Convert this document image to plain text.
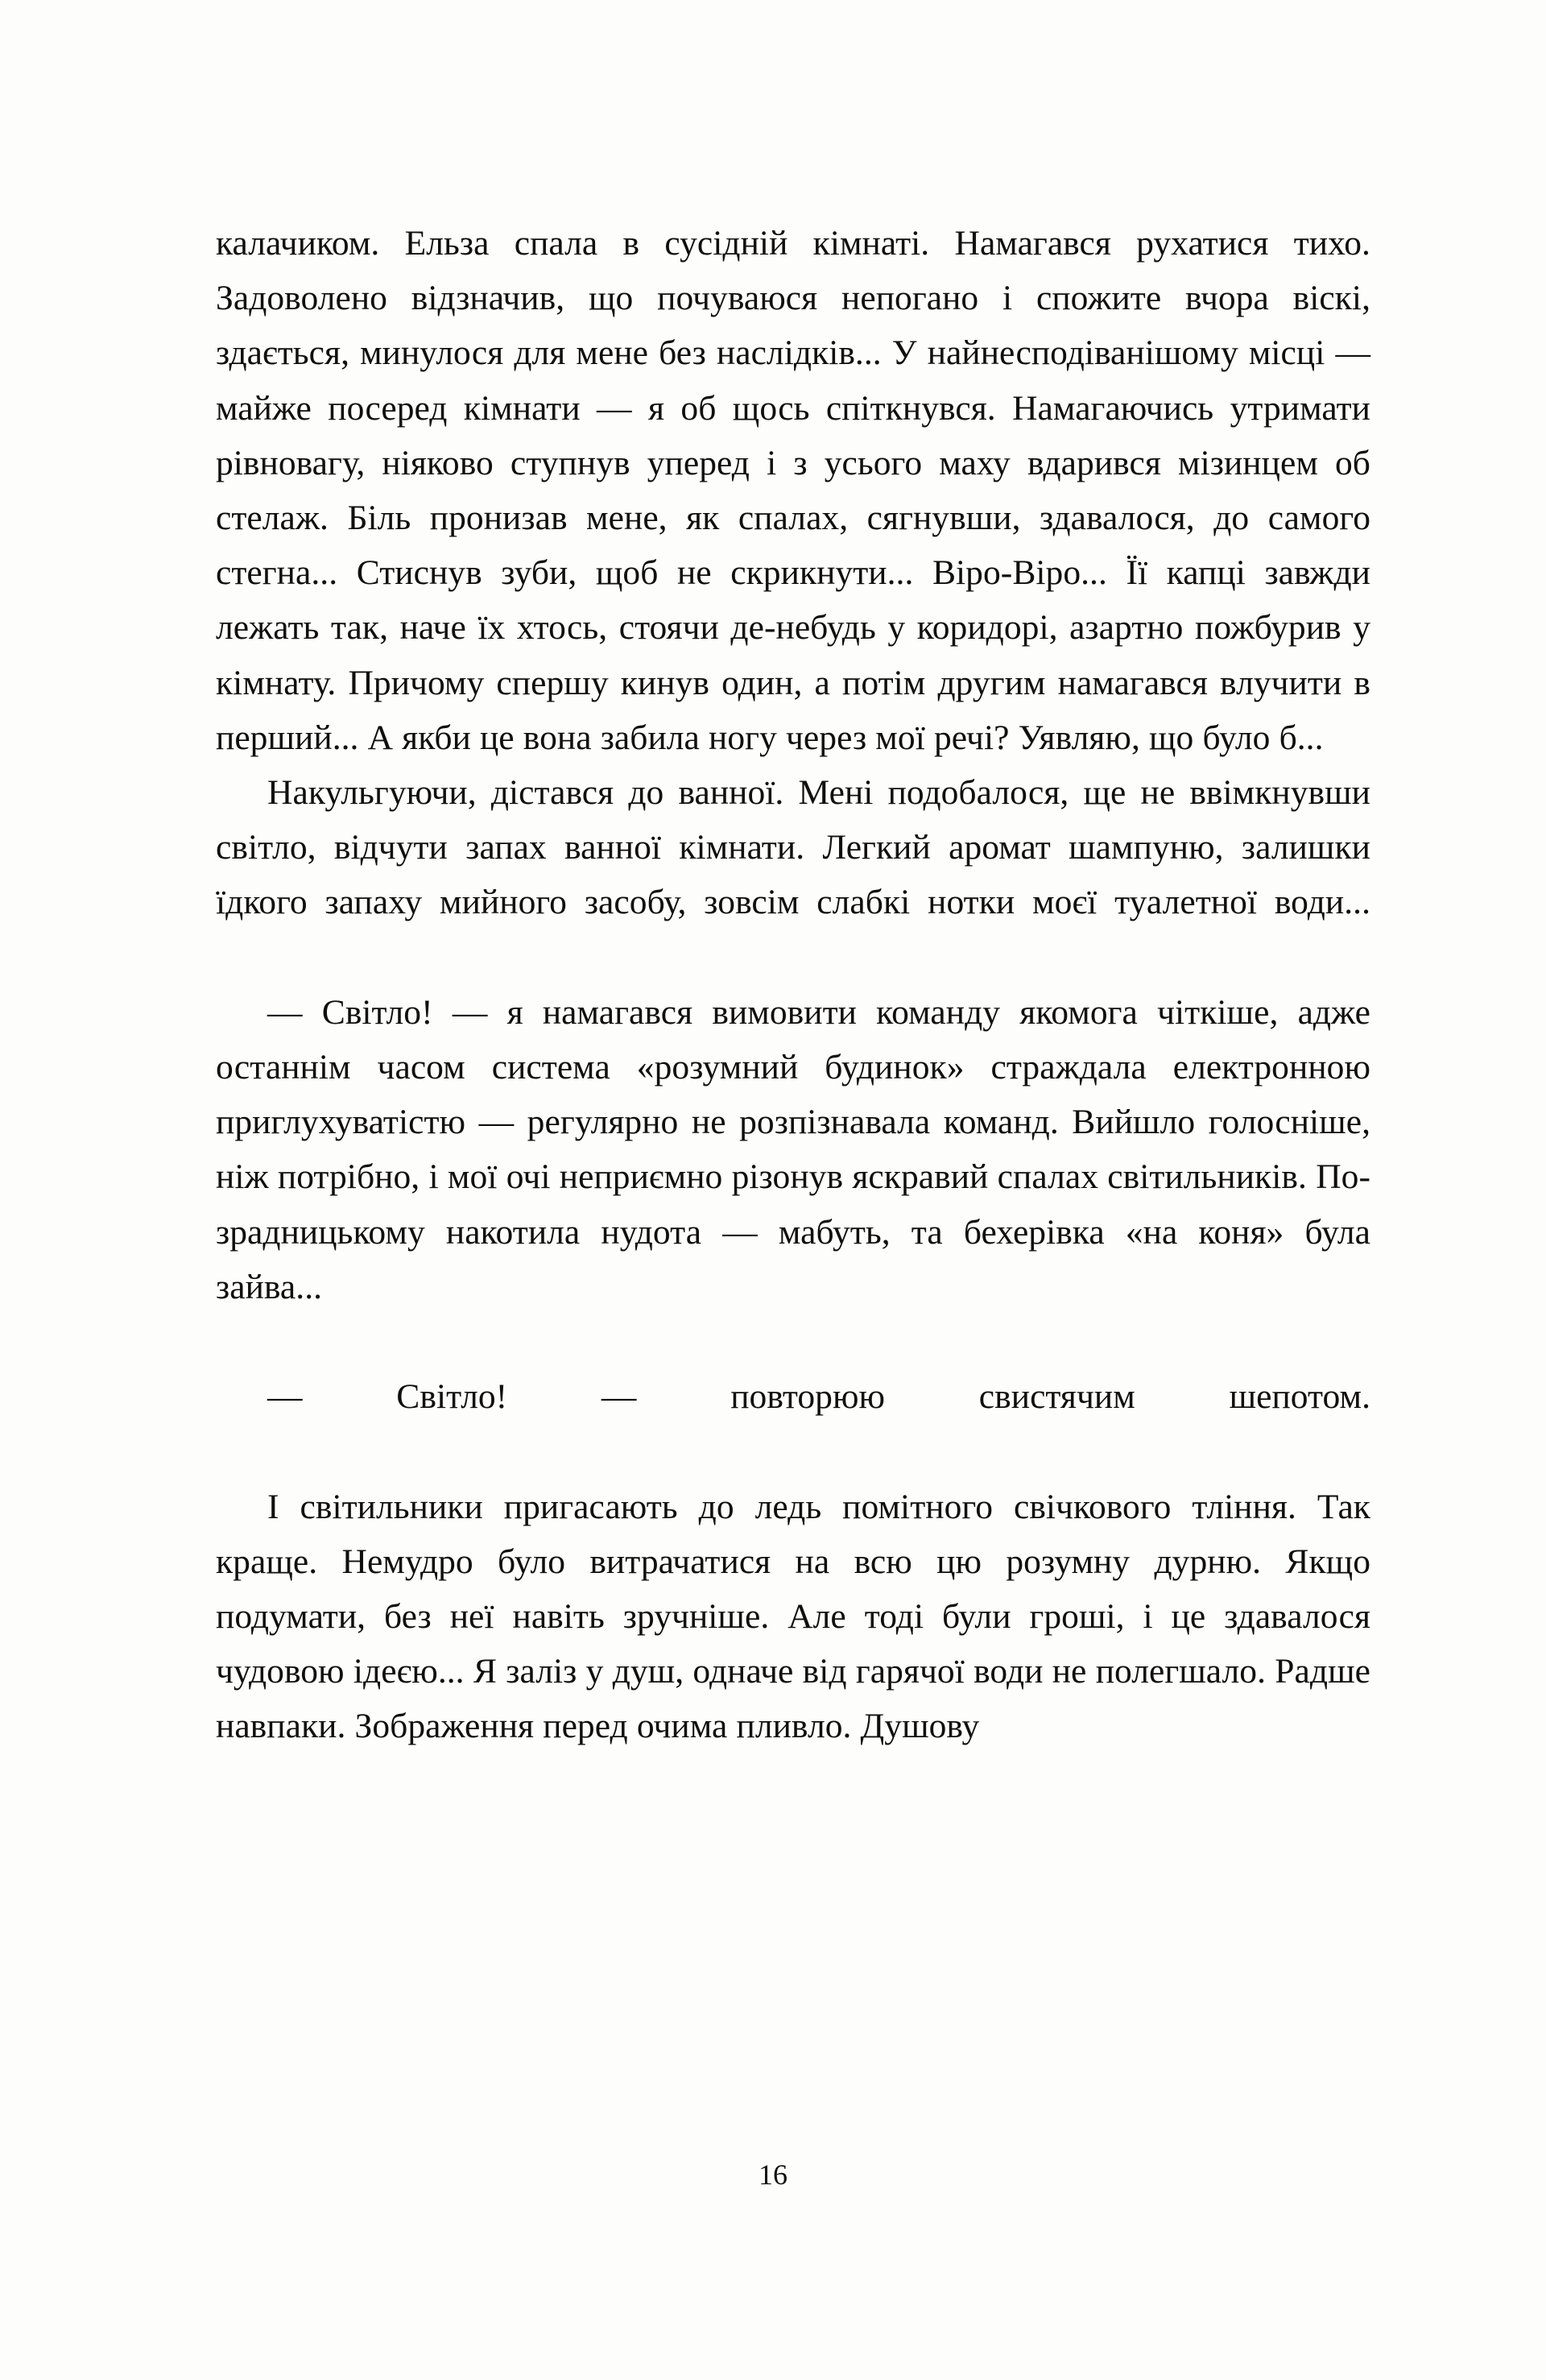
калачиком. Ельза спала в сусідній кімнаті. Намагався рухатися тихо. Задоволено відзначив, що почуваюся непогано і спожите вчора віскі, здається, минулося для мене без наслідків... У найнесподіванішому місці — майже посеред кімнати — я об щось спіткнувся. Намагаючись утримати рівновагу, ніяково ступнув уперед і з усього маху вдарився мізинцем об стелаж. Біль пронизав мене, як спалах, сягнувши, здавалося, до самого стегна... Стиснув зуби, щоб не скрикнути... Віро-Віро... Її капці завжди лежать так, наче їх хтось, стоячи де-небудь у коридорі, азартно пожбурив у кімнату. Причому спершу кинув один, а потім другим намагався влучити в перший... А якби це вона забила ногу через мої речі? Уявляю, що було б...

Накульгуючи, дістався до ванної. Мені подобалося, ще не ввімкнувши світло, відчути запах ванної кімнати. Легкий аромат шампуню, залишки їдкого запаху мийного засобу, зовсім слабкі нотки моєї туалетної води...

— Світло! — я намагався вимовити команду якомога чіткіше, адже останнім часом система «розумний будинок» страждала електронною приглухуватістю — регулярно не розпізнавала команд. Вийшло голосніше, ніж потрібно, і мої очі неприємно різонув яскравий спалах світильників. По-зрадницькому накотила нудота — мабуть, та бехерівка «на коня» була зайва...

— Світло! — повторюю свистячим шепотом.

І світильники пригасають до ледь помітного свічкового тління. Так краще. Немудро було витрачатися на всю цю розумну дурню. Якщо подумати, без неї навіть зручніше. Але тоді були гроші, і це здавалося чудовою ідеєю... Я заліз у душ, одначе від гарячої води не полегшало. Радше навпаки. Зображення перед очима пливло. Душову

16
